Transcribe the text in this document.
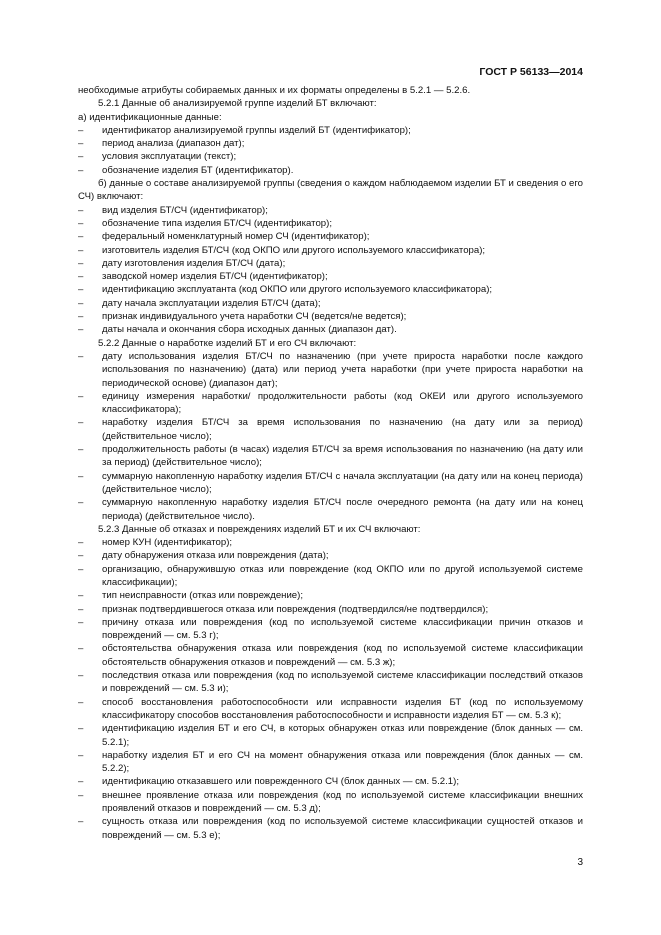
ГОСТ Р 56133—2014
необходимые атрибуты собираемых данных и их форматы определены в 5.2.1 — 5.2.6.
5.2.1 Данные об анализируемой группе изделий БТ включают:
а) идентификационные данные:
– идентификатор анализируемой группы изделий БТ (идентификатор);
– период анализа (диапазон дат);
– условия эксплуатации (текст);
– обозначение изделия БТ (идентификатор).
б) данные о составе анализируемой группы (сведения о каждом наблюдаемом изделии БТ и сведения о его СЧ) включают:
– вид изделия БТ/СЧ (идентификатор);
– обозначение типа изделия БТ/СЧ (идентификатор);
– федеральный номенклатурный номер СЧ (идентификатор);
– изготовитель изделия БТ/СЧ (код ОКПО или другого используемого классификатора);
– дату изготовления изделия БТ/СЧ (дата);
– заводской номер изделия БТ/СЧ (идентификатор);
– идентификацию эксплуатанта (код ОКПО или другого используемого классификатора);
– дату начала эксплуатации изделия БТ/СЧ (дата);
– признак индивидуального учета наработки СЧ (ведется/не ведется);
– даты начала и окончания сбора исходных данных (диапазон дат).
5.2.2 Данные о наработке изделий БТ и его СЧ включают:
– дату использования изделия БТ/СЧ по назначению (при учете прироста наработки после каждого использования по назначению) (дата) или период учета наработки (при учете прироста наработки на периодической основе) (диапазон дат);
– единицу измерения наработки/ продолжительности работы (код ОКЕИ или другого используемого классификатора);
– наработку изделия БТ/СЧ за время использования по назначению (на дату или за период) (действительное число);
– продолжительность работы (в часах) изделия БТ/СЧ за время использования по назначению (на дату или за период) (действительное число);
– суммарную накопленную наработку изделия БТ/СЧ с начала эксплуатации (на дату или на конец периода) (действительное число);
– суммарную накопленную наработку изделия БТ/СЧ после очередного ремонта (на дату или на конец периода) (действительное число).
5.2.3 Данные об отказах и повреждениях изделий БТ и их СЧ включают:
– номер КУН (идентификатор);
– дату обнаружения отказа или повреждения (дата);
– организацию, обнаружившую отказ или повреждение (код ОКПО или по другой используемой системе классификации);
– тип неисправности (отказ или повреждение);
– признак подтвердившегося отказа или повреждения (подтвердился/не подтвердился);
– причину отказа или повреждения (код по используемой системе классификации причин отказов и повреждений — см. 5.3 г);
– обстоятельства обнаружения отказа или повреждения (код по используемой системе классификации обстоятельств обнаружения отказов и повреждений — см. 5.3 ж);
– последствия отказа или повреждения (код по используемой системе классификации последствий отказов и повреждений — см. 5.3 и);
– способ восстановления работоспособности или исправности изделия БТ (код по используемому классификатору способов восстановления работоспособности и исправности изделия БТ — см. 5.3 к);
– идентификацию изделия БТ и его СЧ, в которых обнаружен отказ или повреждение (блок данных — см. 5.2.1);
– наработку изделия БТ и его СЧ на момент обнаружения отказа или повреждения (блок данных — см. 5.2.2);
– идентификацию отказавшего или поврежденного СЧ (блок данных — см. 5.2.1);
– внешнее проявление отказа или повреждения (код по используемой системе классификации внешних проявлений отказов и повреждений — см. 5.3 д);
– сущность отказа или повреждения (код по используемой системе классификации сущностей отказов и повреждений — см. 5.3 е);
3
